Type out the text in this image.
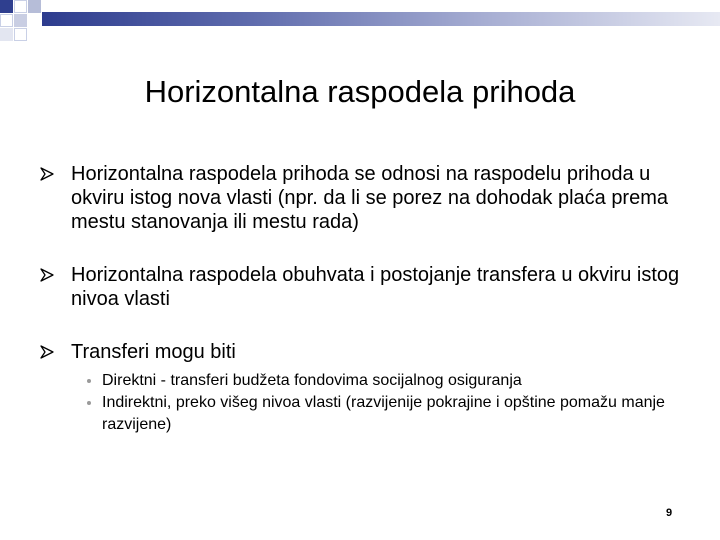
Horizontalna raspodela prihoda
Horizontalna raspodela prihoda se odnosi na raspodelu prihoda u okviru istog nova vlasti (npr. da li se porez na dohodak plaća prema mestu stanovanja ili mestu rada)
Horizontalna raspodela obuhvata i postojanje transfera u okviru istog nivoa vlasti
Transferi mogu biti
Direktni - transferi budžeta fondovima socijalnog osiguranja
Indirektni, preko višeg nivoa vlasti (razvijenije pokrajine i opštine pomažu manje razvijene)
9
